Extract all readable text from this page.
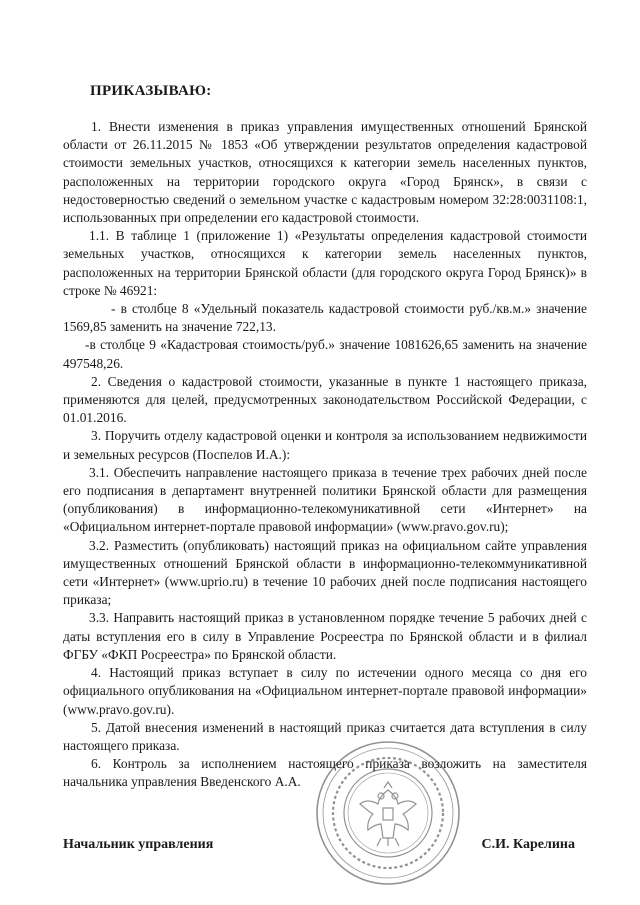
ПРИКАЗЫВАЮ:

1. Внести изменения в приказ управления имущественных отношений Брянской области от 26.11.2015 № 1853 «Об утверждении результатов определения кадастровой стоимости земельных участков, относящихся к категории земель населенных пунктов, расположенных на территории городского округа «Город Брянск», в связи с недостоверностью сведений о земельном участке с кадастровым номером 32:28:0031108:1, использованных при определении его кадастровой стоимости.

1.1. В таблице 1 (приложение 1) «Результаты определения кадастровой стоимости земельных участков, относящихся к категории земель населенных пунктов, расположенных на территории Брянской области (для городского округа Город Брянск)» в строке № 46921:

- в столбце 8 «Удельный показатель кадастровой стоимости руб./кв.м.» значение 1569,85 заменить на значение 722,13.

-в столбце 9 «Кадастровая стоимость/руб.» значение 1081626,65 заменить на значение 497548,26.

2. Сведения о кадастровой стоимости, указанные в пункте 1 настоящего приказа, применяются для целей, предусмотренных законодательством Российской Федерации, с 01.01.2016.

3. Поручить отделу кадастровой оценки и контроля за использованием недвижимости и земельных ресурсов (Поспелов И.А.):

3.1. Обеспечить направление настоящего приказа в течение трех рабочих дней после его подписания в департамент внутренней политики Брянской области для размещения (опубликования) в информационно-телекомуникативной сети «Интернет» на «Официальном интернет-портале правовой информации» (www.pravo.gov.ru);

3.2. Разместить (опубликовать) настоящий приказ на официальном сайте управления имущественных отношений Брянской области в информационно-телекоммуникативной сети «Интернет» (www.uprio.ru) в течение 10 рабочих дней после подписания настоящего приказа;

3.3. Направить настоящий приказ в установленном порядке течение 5 рабочих дней с даты вступления его в силу в Управление Росреестра по Брянской области и в филиал ФГБУ «ФКП Росреестра» по Брянской области.

4. Настоящий приказ вступает в силу по истечении одного месяца со дня его официального опубликования на «Официальном интернет-портале правовой информации» (www.pravo.gov.ru).

5. Датой внесения изменений в настоящий приказ считается дата вступления в силу настоящего приказа.

6. Контроль за исполнением настоящего приказа возложить на заместителя начальника управления Введенского А.А.

Начальник управления	С.И. Карелина
